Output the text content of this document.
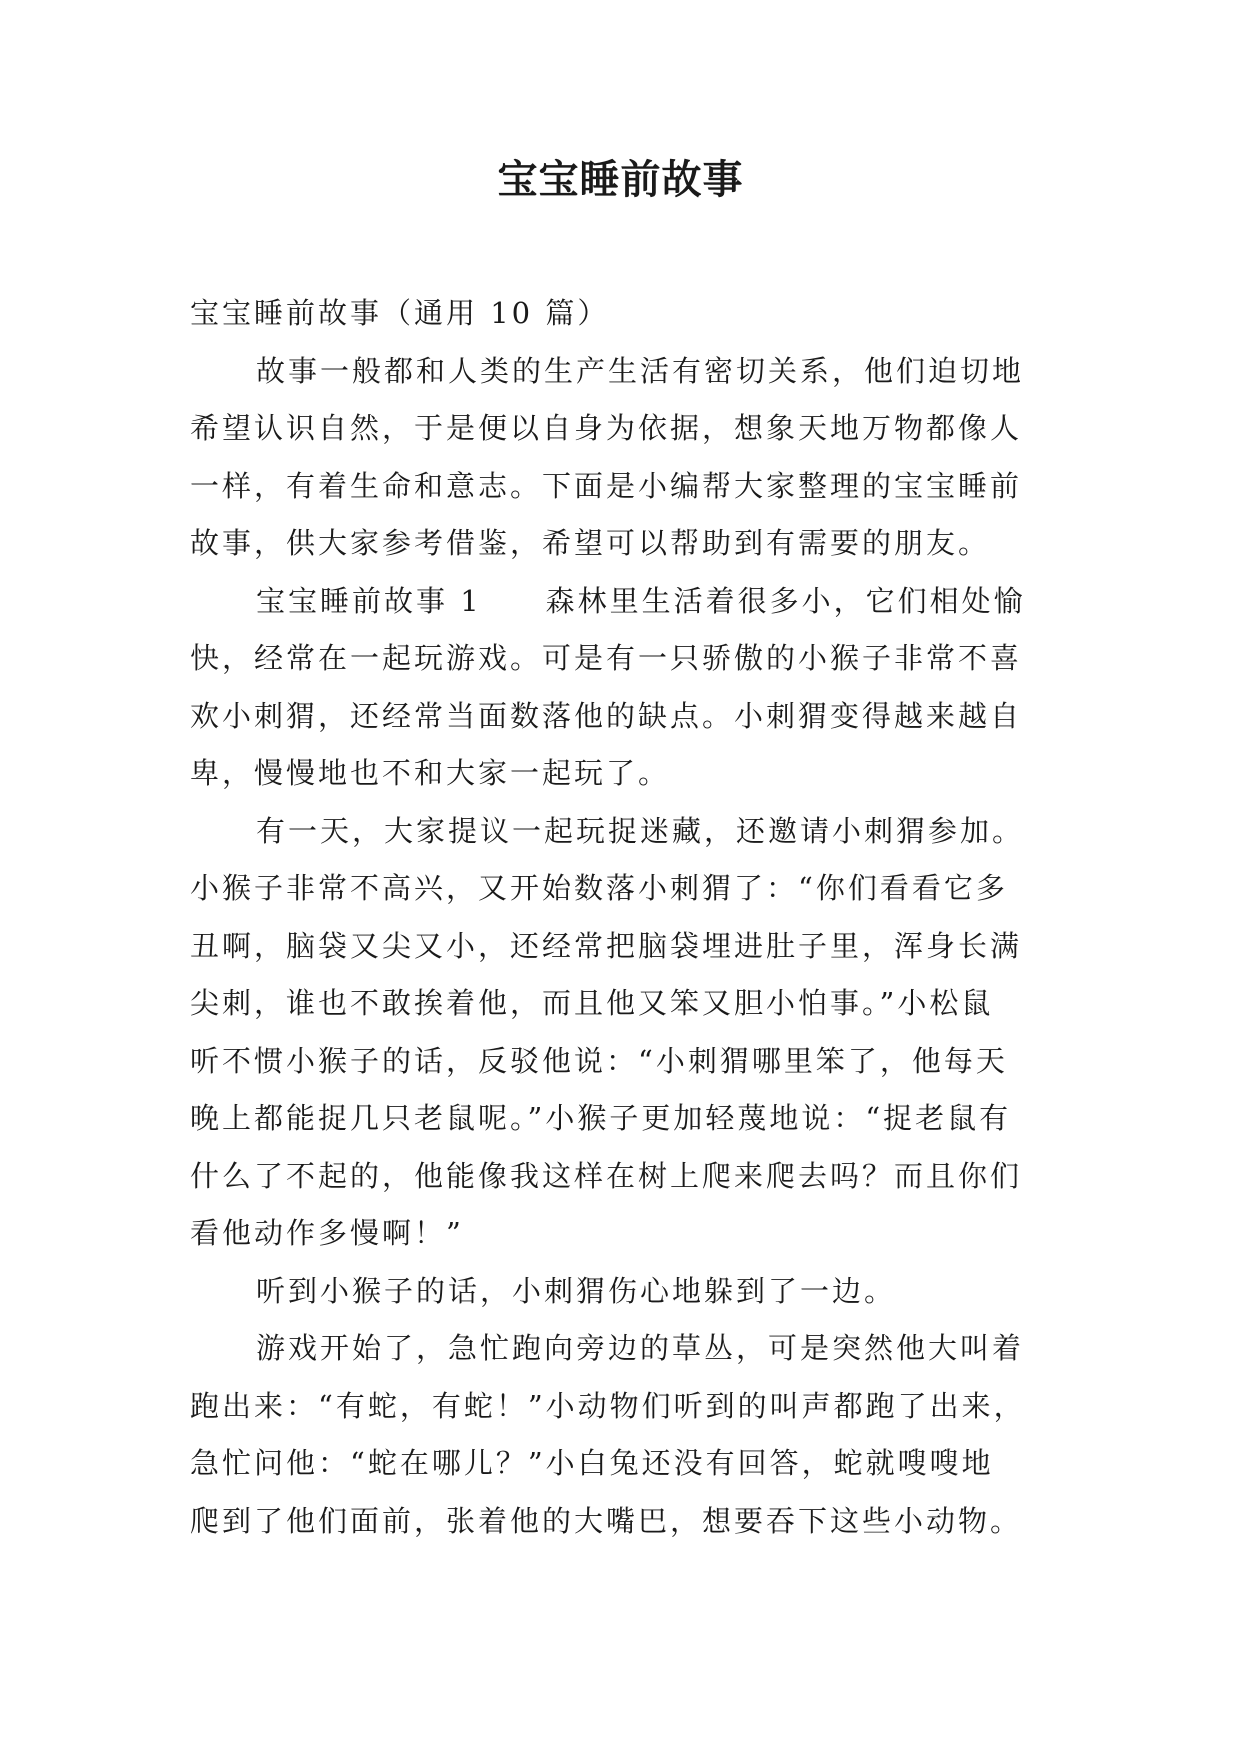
宝宝睡前故事
宝宝睡前故事（通用 10 篇）
故事一般都和人类的生产生活有密切关系，他们迫切地
希望认识自然，于是便以自身为依据，想象天地万物都像人
一样，有着生命和意志。下面是小编帮大家整理的宝宝睡前
故事，供大家参考借鉴，希望可以帮助到有需要的朋友。
宝宝睡前故事 1　　森林里生活着很多小，它们相处愉
快，经常在一起玩游戏。可是有一只骄傲的小猴子非常不喜
欢小刺猬，还经常当面数落他的缺点。小刺猬变得越来越自
卑，慢慢地也不和大家一起玩了。
有一天，大家提议一起玩捉迷藏，还邀请小刺猬参加。
小猴子非常不高兴，又开始数落小刺猬了：“你们看看它多
丑啊，脑袋又尖又小，还经常把脑袋埋进肚子里，浑身长满
尖刺，谁也不敢挨着他，而且他又笨又胆小怕事。”小松鼠
听不惯小猴子的话，反驳他说：“小刺猬哪里笨了，他每天
晚上都能捉几只老鼠呢。”小猴子更加轻蔑地说：“捉老鼠有
什么了不起的，他能像我这样在树上爬来爬去吗？而且你们
看他动作多慢啊！”
听到小猴子的话，小刺猬伤心地躲到了一边。
游戏开始了，急忙跑向旁边的草丛，可是突然他大叫着
跑出来：“有蛇，有蛇！”小动物们听到的叫声都跑了出来，
急忙问他：“蛇在哪儿？”小白兔还没有回答，蛇就嗖嗖地
爬到了他们面前，张着他的大嘴巴，想要吞下这些小动物。
